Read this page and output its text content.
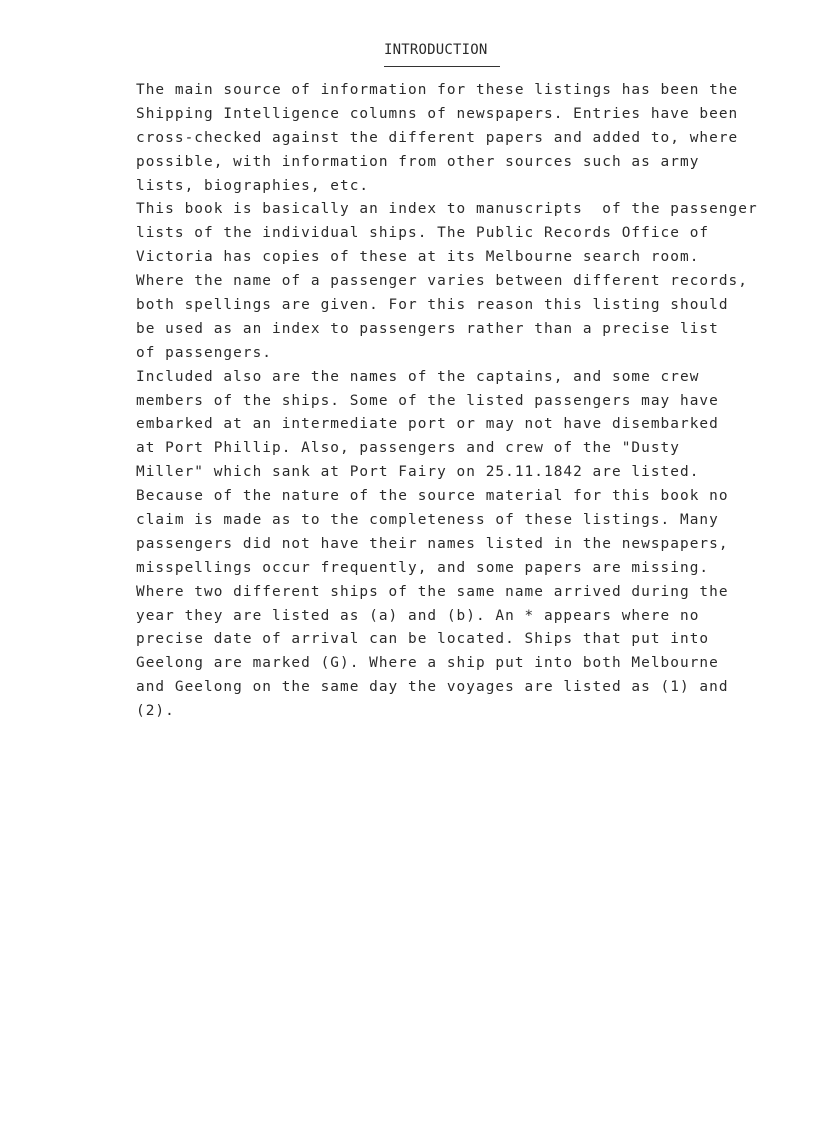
INTRODUCTION
The main source of information for these listings has been the
Shipping Intelligence columns of newspapers. Entries have been
cross-checked against the different papers and added to, where
possible, with information from other sources such as army
lists, biographies, etc.
This book is basically an index to manuscripts  of the passenger
lists of the individual ships. The Public Records Office of
Victoria has copies of these at its Melbourne search room.
Where the name of a passenger varies between different records,
both spellings are given. For this reason this listing should
be used as an index to passengers rather than a precise list
of passengers.
Included also are the names of the captains, and some crew
members of the ships. Some of the listed passengers may have
embarked at an intermediate port or may not have disembarked
at Port Phillip. Also, passengers and crew of the "Dusty
Miller" which sank at Port Fairy on 25.11.1842 are listed.
Because of the nature of the source material for this book no
claim is made as to the completeness of these listings. Many
passengers did not have their names listed in the newspapers,
misspellings occur frequently, and some papers are missing.
Where two different ships of the same name arrived during the
year they are listed as (a) and (b). An * appears where no
precise date of arrival can be located. Ships that put into
Geelong are marked (G). Where a ship put into both Melbourne
and Geelong on the same day the voyages are listed as (1) and
(2).
